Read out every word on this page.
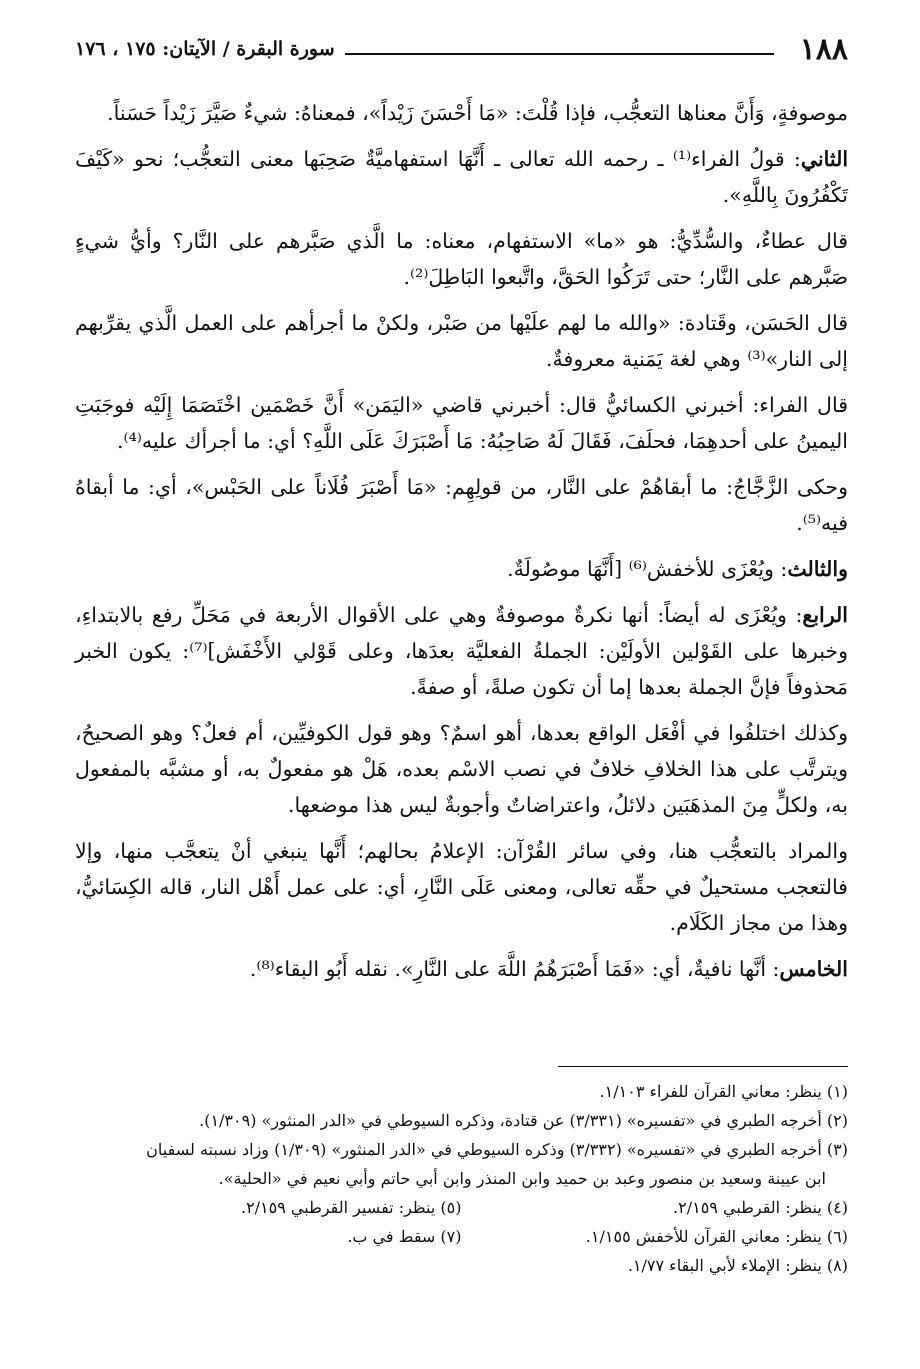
١٨٨
سورة البقرة / الآيتان: ١٧٥ ، ١٧٦

موصوفةٍ، وَأَنَّ معناها التعجُّب، فإذا قُلْتَ: «مَا أَحْسَنَ زَيْداً»، فمعناهُ: شيءٌ صَيَّرَ زَيْداً حَسَناً.

الثاني: قولُ الفراء⁽¹⁾ ـ رحمه الله تعالى ـ أَنَّهَا استفهاميَّةٌ صَحِبَها معنى التعجُّب؛ نحو «كَيْفَ تَكْفُرُونَ بِاللَّهِ».

قال عطاءٌ، والسُّدِّيُّ: هو «ما» الاستفهام، معناه: ما الَّذي صَبَّرهم على النَّار؟ وأيُّ شيءٍ صَبَّرهم على النَّار؛ حتى تَرَكُوا الحَقَّ، واتَّبعوا البَاطِلَ⁽²⁾.

قال الحَسَن، وقَتادة: «والله ما لهم علَيْها من صَبْر، ولكنْ ما أجرأهم على العمل الَّذي يقرِّبهم إلى النار»⁽³⁾ وهي لغة يَمَنية معروفةٌ.

قال الفراء: أخبرني الكسائيُّ قال: أخبرني قاضي «اليَمَن» أَنَّ خَصْمَين اخْتَصَمَا إِلَيْه فوجَبَتِ اليمينُ على أحدهِمَا، فحلَفَ، فَقَالَ لَهُ صَاحِبُهُ: مَا أَصْبَرَكَ عَلَى اللَّهِ؟ أي: ما أجرأك عليه⁽⁴⁾.

وحكى الزَّجَّاجُ: ما أبقاهُمْ على النَّار، من قولِهِم: «مَا أَصْبَرَ فُلَاناً على الحَبْس»، أي: ما أبقاهُ فيه⁽⁵⁾.

والثالث: ويُعْزَى للأخفش⁽⁶⁾ [أَنَّهَا موصُولَةٌ.

الرابع: ويُعْزَى له أيضاً: أنها نكرةٌ موصوفةٌ وهي على الأقوال الأربعة في مَحَلِّ رفع بالابتداءِ، وخبرها على القَوْلين الأولَيْن: الجملةُ الفعليَّة بعدَها، وعلى قَوْلي الأَخْفَش]⁽⁷⁾: يكون الخبر مَحذوفاً فإنَّ الجملة بعدها إما أن تكون صلةً، أو صفةً.

وكذلك اختلفُوا في أفْعَل الواقع بعدها، أهو اسمٌ؟ وهو قول الكوفيِّين، أم فعلٌ؟ وهو الصحيحُ، ويترتَّب على هذا الخلافِ خلافٌ في نصب الاسْم بعده، هَلْ هو مفعولٌ به، أو مشبَّه بالمفعول به، ولكلٍّ مِنَ المذهَبَين دلائلُ، واعتراضاتٌ وأجوبةٌ ليس هذا موضعها.

والمراد بالتعجُّب هنا، وفي سائر القُرْآن: الإعلامُ بحالهم؛ أَنَّها ينبغي أنْ يتعجَّب منها، وإلا فالتعجب مستحيلٌ في حقِّه تعالى، ومعنى عَلَى النَّارِ، أي: على عمل أَهْل النار، قاله الكِسَائيُّ، وهذا من مجاز الكَلَام.

الخامس: أنَّها نافيةٌ، أي: «فَمَا أَصْبَرَهُمُ اللَّهَ على النَّارِ». نقله أَبُو البقاء⁽⁸⁾.

(١) ينظر: معاني القرآن للفراء ١/١٠٣.

(٢) أخرجه الطبري في «تفسيره» (٣/٣٣١) عن قتادة، وذكره السيوطي في «الدر المنثور» (١/٣٠٩).

(٣) أخرجه الطبري في «تفسيره» (٣/٣٣٢) وذكره السيوطي في «الدر المنثور» (١/٣٠٩) وزاد نسبته لسفيان

ابن عيينة وسعيد بن منصور وعبد بن حميد وابن المنذر وابن أبي حاتم وأبي نعيم في «الحلية».

(٤) ينظر: القرطبي ٢/١٥٩.
(٥) ينظر: تفسير القرطبي ٢/١٥٩.
(٦) ينظر: معاني القرآن للأخفش ١/١٥٥.
(٧) سقط في ب.

(٨) ينظر: الإملاء لأبي البقاء ١/٧٧.
